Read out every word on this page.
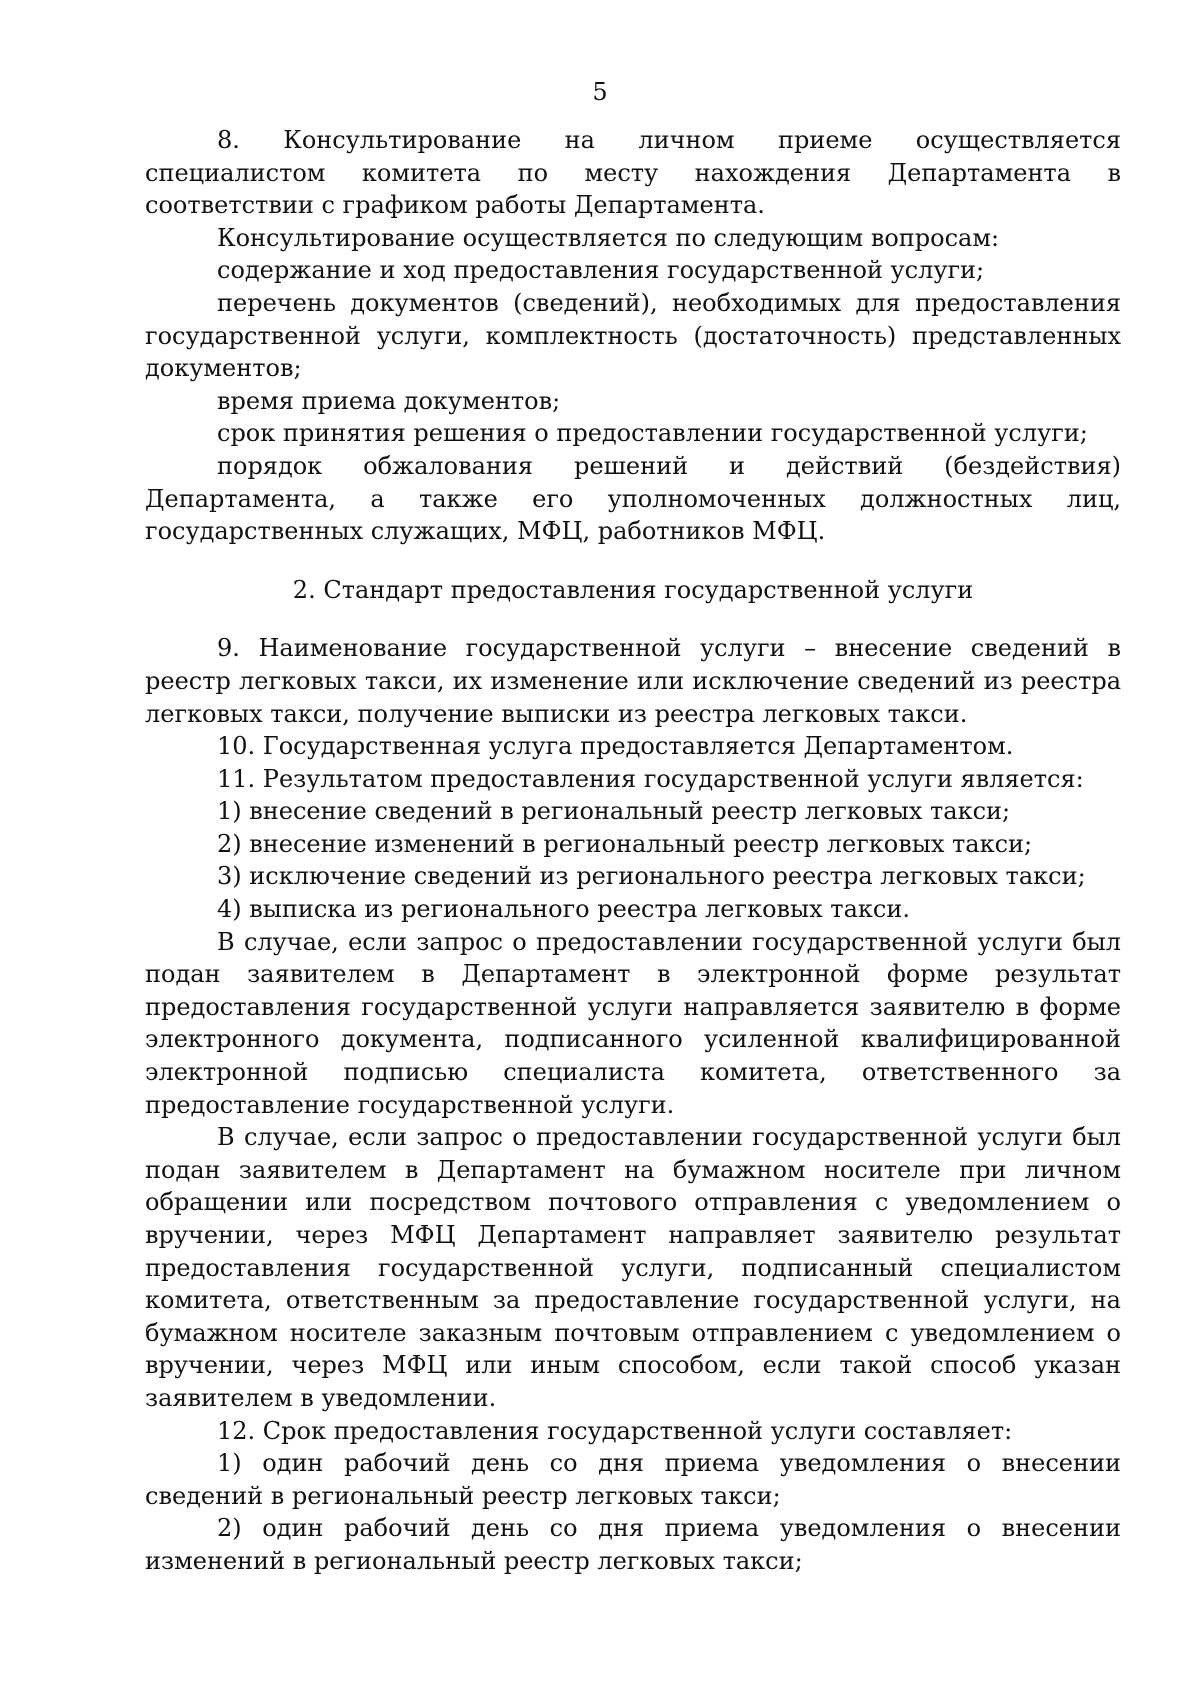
5

8. Консультирование на личном приеме осуществляется специалистом комитета по месту нахождения Департамента в соответствии с графиком работы Департамента.

Консультирование осуществляется по следующим вопросам:

содержание и ход предоставления государственной услуги;

перечень документов (сведений), необходимых для предоставления государственной услуги, комплектность (достаточность) представленных документов;

время приема документов;

срок принятия решения о предоставлении государственной услуги;

порядок обжалования решений и действий (бездействия) Департамента, а также его уполномоченных должностных лиц, государственных служащих, МФЦ, работников МФЦ.

2. Стандарт предоставления государственной услуги

9. Наименование государственной услуги – внесение сведений в реестр легковых такси, их изменение или исключение сведений из реестра легковых такси, получение выписки из реестра легковых такси.

10. Государственная услуга предоставляется Департаментом.

11. Результатом предоставления государственной услуги является:

1) внесение сведений в региональный реестр легковых такси;

2) внесение изменений в региональный реестр легковых такси;

3) исключение сведений из регионального реестра легковых такси;

4) выписка из регионального реестра легковых такси.

В случае, если запрос о предоставлении государственной услуги был подан заявителем в Департамент в электронной форме результат предоставления государственной услуги направляется заявителю в форме электронного документа, подписанного усиленной квалифицированной электронной подписью специалиста комитета, ответственного за предоставление государственной услуги.

В случае, если запрос о предоставлении государственной услуги был подан заявителем в Департамент на бумажном носителе при личном обращении или посредством почтового отправления с уведомлением о вручении, через МФЦ Департамент направляет заявителю результат предоставления государственной услуги, подписанный специалистом комитета, ответственным за предоставление государственной услуги, на бумажном носителе заказным почтовым отправлением с уведомлением о вручении, через МФЦ или иным способом, если такой способ указан заявителем в уведомлении.

12. Срок предоставления государственной услуги составляет:

1) один рабочий день со дня приема уведомления о внесении сведений в региональный реестр легковых такси;

2) один рабочий день со дня приема уведомления о внесении изменений в региональный реестр легковых такси;
